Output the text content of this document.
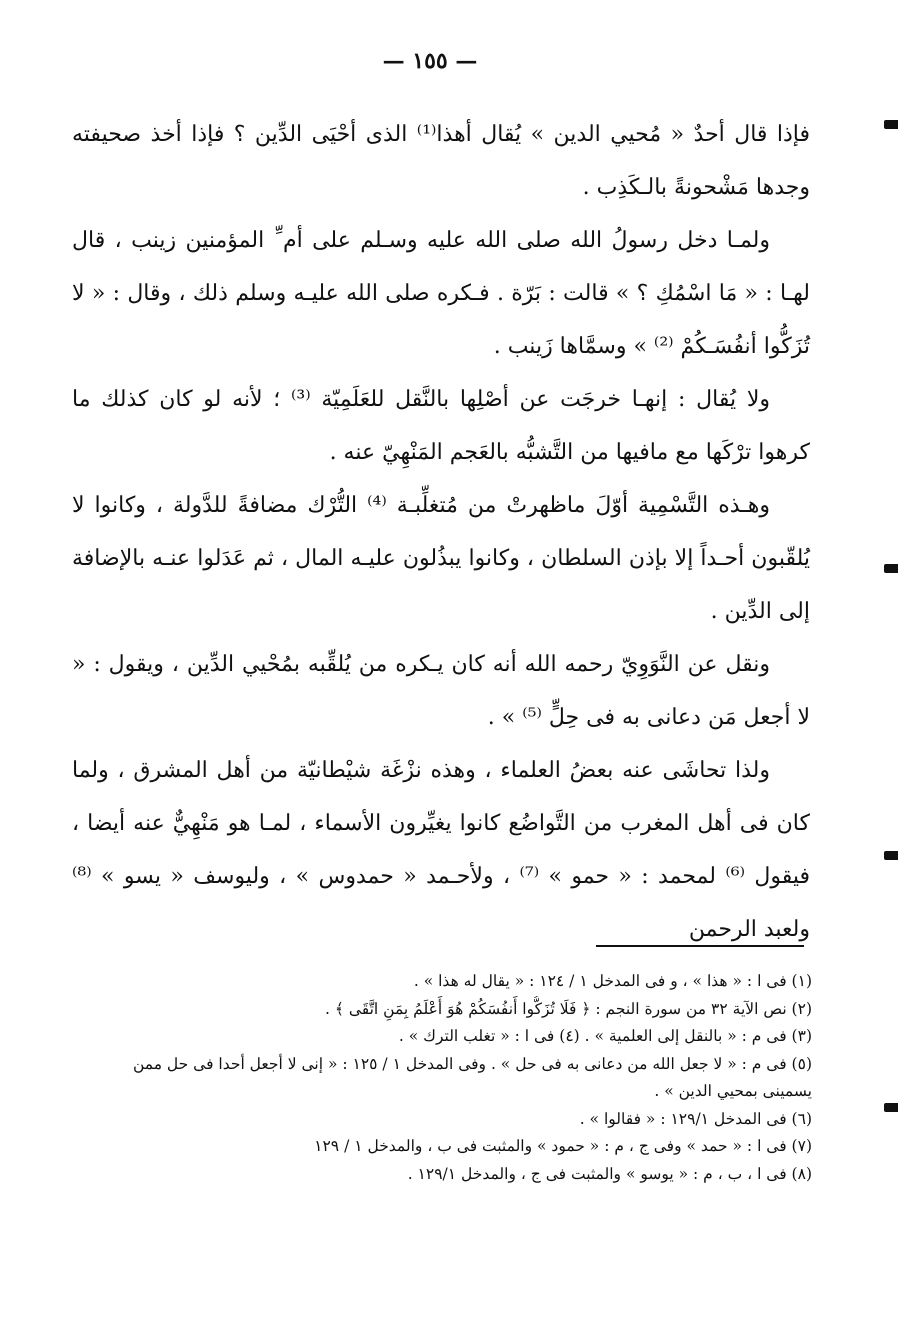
— ١٥٥ —

فإذا قال أحدٌ « مُحيي الدين » يُقال أهذا⁽¹⁾ الذى أحْيَى الدِّين ؟ فإذا أخذ صحيفته وجدها مَشْحونةً بالـكَذِب .

ولمـا دخل رسولُ الله صلى الله عليه وسـلم على أم ِّ المؤمنين زينب ، قال لهـا : « مَا اسْمُكِ ؟ » قالت : بَرّة . فـكره صلى الله عليـه وسلم ذلك ، وقال : « لا تُزَكُّوا أنفُسَـكُمْ ⁽²⁾ » وسمَّاها زَينب .

ولا يُقال : إنهـا خرجَت عن أصْلِها بالنَّقل للعَلَمِيّة ⁽³⁾ ؛ لأنه لو كان كذلك ما كرهوا ترْكَها مع مافيها من التَّشبُّه بالعَجم المَنْهِيّ عنه .

وهـذه التَّسْمِية أوّلَ ماظهرتْ من مُتغلِّبـة ⁽⁴⁾ التُّرْك مضافةً للدَّولة ، وكانوا لا يُلقّبون أحـداً إلا بإذن السلطان ، وكانوا يبذُلون عليـه المال ، ثم عَدَلوا عنـه بالإضافة إلى الدِّين .

ونقل عن النَّوَوِيّ رحمه الله أنه كان يـكره من يُلقِّبه بمُحْيي الدِّين ، ويقول : « لا أجعل مَن دعانى به فى حِلٍّ ⁽⁵⁾ » .

ولذا تحاشَى عنه بعضُ العلماء ، وهذه نزْغَة شيْطانيّة من أهل المشرق ، ولما كان فى أهل المغرب من التَّواضُع كانوا يغيِّرون الأسماء ، لمـا هو مَنْهِيٌّ عنه أيضا ، فيقول ⁽⁶⁾ لمحمد : « حمو » ⁽⁷⁾ ، ولأحـمد « حمدوس » ، وليوسف « يسو » ⁽⁸⁾ ولعبد الرحمن

(١) فى ا : « هذا » ، و فى المدخل ١ / ١٢٤ : « يقال له هذا » .

(٢) نص الآية ٣٢ من سورة النجم : ﴿ فَلَا تُزَكُّوا أَنفُسَكُمْ هُوَ أَعْلَمُ بِمَنِ اتَّقَى ﴾ .

(٣) فى م : « بالنقل إلى العلمية » . (٤) فى ا : « تغلب الترك » .

(٥) فى م : « لا جعل الله من دعانى به فى حل » . وفى المدخل ١ / ١٢٥ : « إنى لا أجعل أحدا فى حل ممن يسمينى بمحيي الدين » .

(٦) فى المدخل ١٢٩/١ : « فقالوا » .

(٧) فى ا : « حمد » وفى ج ، م : « حمود » والمثبت فى ب ، والمدخل ١ / ١٢٩

(٨) فى ا ، ب ، م : « يوسو » والمثبت فى ج ، والمدخل ١٢٩/١ .
